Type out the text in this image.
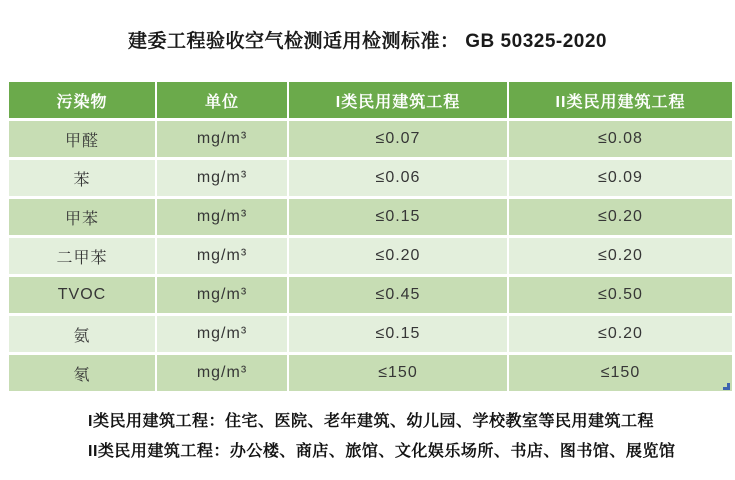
建委工程验收空气检测适用检测标准： GB 50325-2020
污染物	单位	I类民用建筑工程	II类民用建筑工程
甲醛	mg/m³	≤0.07	≤0.08
苯	mg/m³	≤0.06	≤0.09
甲苯	mg/m³	≤0.15	≤0.20
二甲苯	mg/m³	≤0.20	≤0.20
TVOC	mg/m³	≤0.45	≤0.50
氨	mg/m³	≤0.15	≤0.20
氡	mg/m³	≤150	≤150
I类民用建筑工程：住宅、医院、老年建筑、幼儿园、学校教室等民用建筑工程
II类民用建筑工程：办公楼、商店、旅馆、文化娱乐场所、书店、图书馆、展览馆
